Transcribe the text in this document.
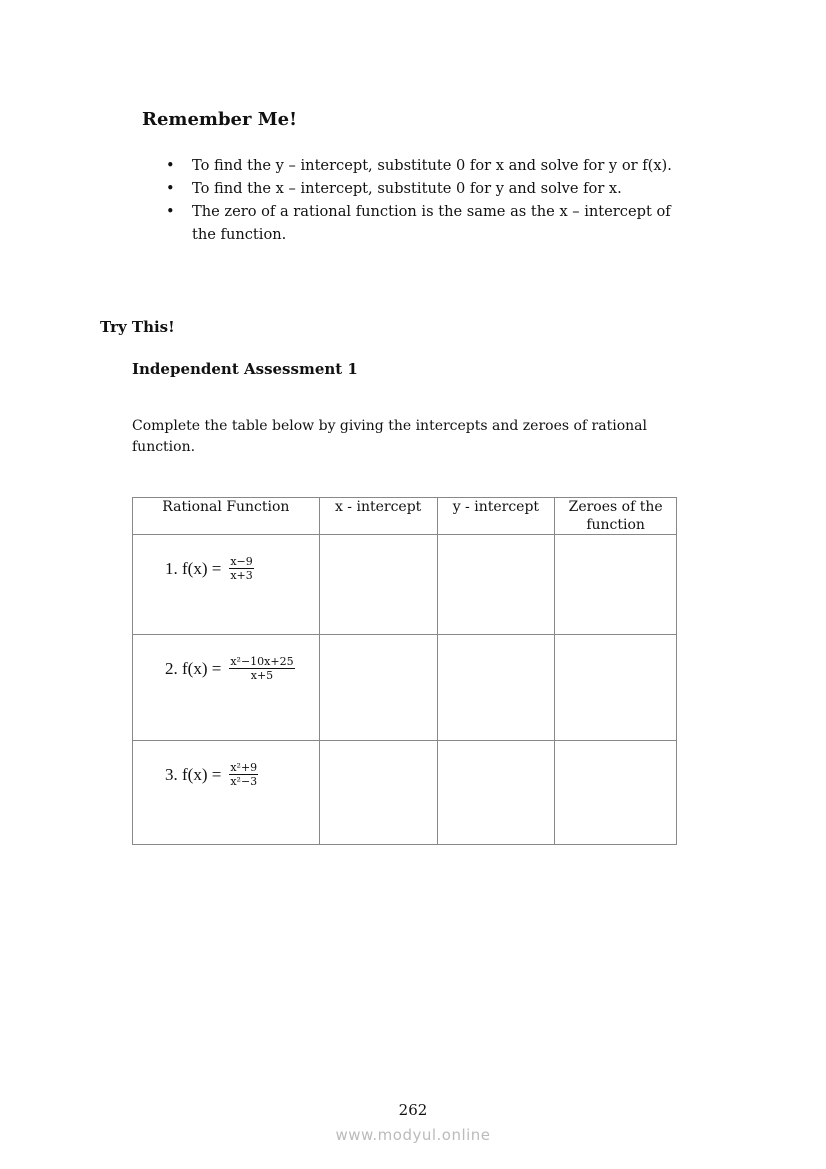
Remember Me!
• To find the y – intercept, substitute 0 for x and solve for y or f(x).
• To find the x – intercept, substitute 0 for y and solve for x.
• The zero of a rational function is the same as the x – intercept of the function.
Try This!
Independent Assessment 1
Complete the table below by giving the intercepts and zeroes of rational function.
Rational Function	x - intercept	y - intercept	Zeroes of the function

1. $f(x) = \frac{x-9}{x+3}$

2. $f(x) = \frac{\text{x²−10x+25}}{x+5}$

3. $f(x) = \frac{\text{x²+9}}{\text{x²−3}}$

262
www.modyul.online
